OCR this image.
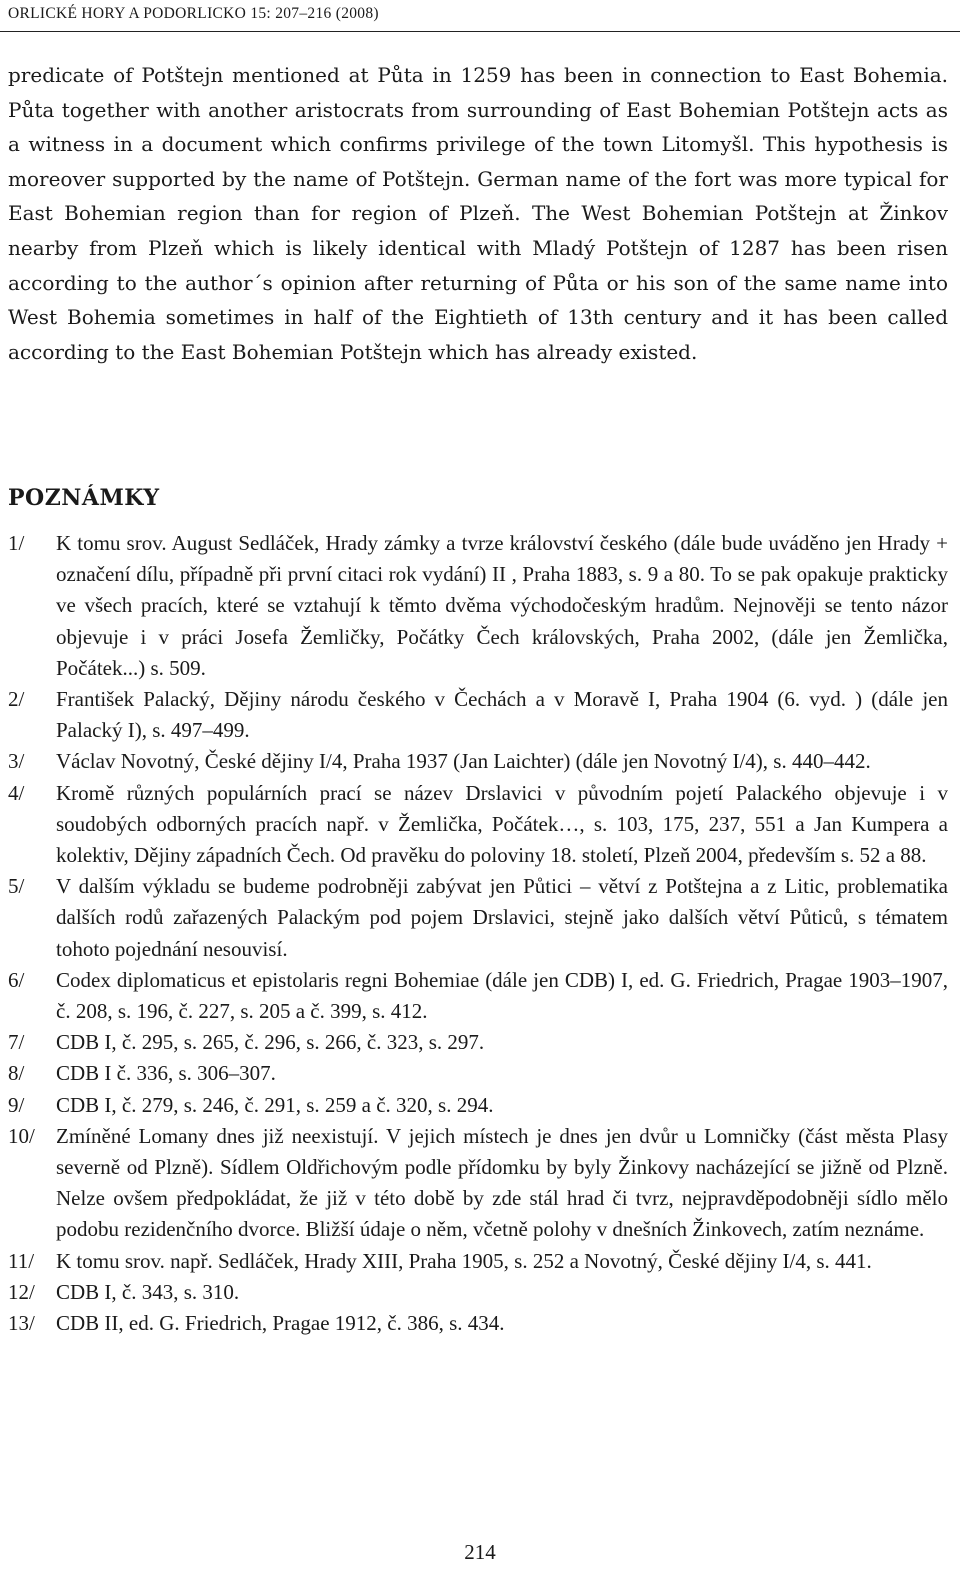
ORLICKÉ HORY A PODORLICKO 15: 207–216 (2008)

predicate of Potštejn mentioned at Půta in 1259 has been in connection to East Bohemia. Půta together with another aristocrats from surrounding of East Bohemian Potštejn acts as a witness in a document which confirms privilege of the town Litomyšl. This hypothesis is moreover supported by the name of Potštejn. German name of the fort was more typical for East Bohemian region than for region of Plzeň. The West Bohemian Potštejn at Žinkov nearby from Plzeň which is likely identical with Mladý Potštejn of 1287 has been risen according to the author´s opinion after returning of Půta or his son of the same name into West Bohemia sometimes in half of the Eightieth of 13th century and it has been called according to the East Bohemian Potštejn which has already existed.

POZNÁMKY
1/ K tomu srov. August Sedláček, Hrady zámky a tvrze království českého (dále bude uváděno jen Hrady + označení dílu, případně při první citaci rok vydání) II , Praha 1883, s. 9 a 80. To se pak opakuje prakticky ve všech pracích, které se vztahují k těmto dvěma východočeským hradům. Nejnověji se tento názor objevuje i v práci Josefa Žemličky, Počátky Čech královských, Praha 2002, (dále jen Žemlička, Počátek...) s. 509.
2/ František Palacký, Dějiny národu českého v Čechách a v Moravě I, Praha 1904 (6. vyd. ) (dále jen Palacký I), s. 497–499.
3/ Václav Novotný, České dějiny I/4, Praha 1937 (Jan Laichter) (dále jen Novotný I/4), s. 440–442.
4/ Kromě různých populárních prací se název Drslavici v původním pojetí Palackého objevuje i v soudobých odborných pracích např. v Žemlička, Počátek…, s. 103, 175, 237, 551 a Jan Kumpera a kolektiv, Dějiny západních Čech. Od pravěku do poloviny 18. století, Plzeň 2004, především s. 52 a 88.
5/ V dalším výkladu se budeme podrobněji zabývat jen Půtici – větví z Potštejna a z Litic, problematika dalších rodů zařazených Palackým pod pojem Drslavici, stejně jako dalších větví Půticů, s tématem tohoto pojednání nesouvisí.
6/ Codex diplomaticus et epistolaris regni Bohemiae (dále jen CDB) I, ed. G. Friedrich, Pragae 1903–1907, č. 208, s. 196, č. 227, s. 205 a č. 399, s. 412.
7/ CDB I, č. 295, s. 265, č. 296, s. 266, č. 323, s. 297.
8/ CDB I č. 336, s. 306–307.
9/ CDB I, č. 279, s. 246, č. 291, s. 259 a č. 320, s. 294.
10/ Zmíněné Lomany dnes již neexistují. V jejich místech je dnes jen dvůr u Lomničky (část města Plasy severně od Plzně). Sídlem Oldřichovým podle přídomku by byly Žinkovy nacházející se jižně od Plzně. Nelze ovšem předpokládat, že již v této době by zde stál hrad či tvrz, nejpravděpodobněji sídlo mělo podobu rezidenčního dvorce. Bližší údaje o něm, včetně polohy v dnešních Žinkovech, zatím neznáme.
11/ K tomu srov. např. Sedláček, Hrady XIII, Praha 1905, s. 252 a Novotný, České dějiny I/4, s. 441.
12/ CDB I, č. 343, s. 310.
13/ CDB II, ed. G. Friedrich, Pragae 1912, č. 386, s. 434.
214
